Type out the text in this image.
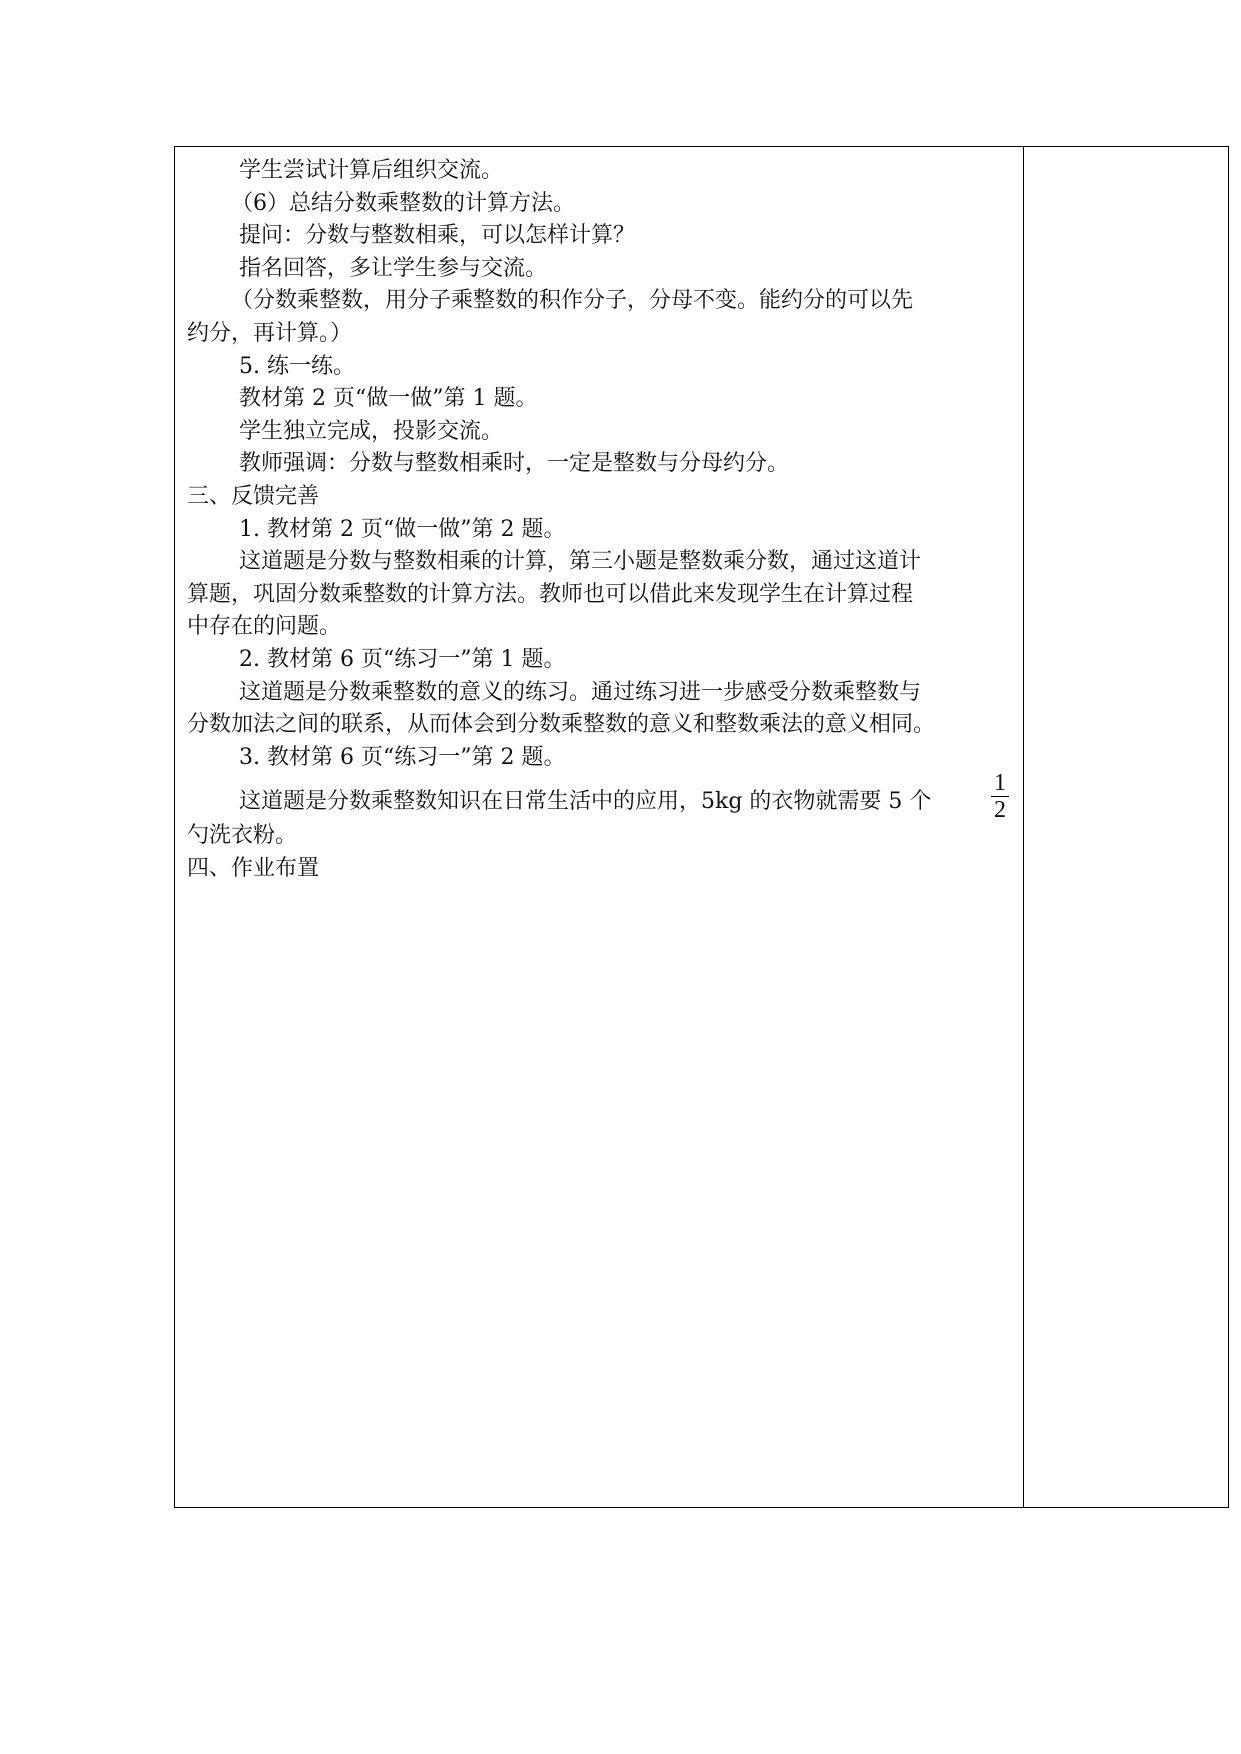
学生尝试计算后组织交流。

（6）总结分数乘整数的计算方法。

提问：分数与整数相乘，可以怎样计算？

指名回答，多让学生参与交流。

（分数乘整数，用分子乘整数的积作分子，分母不变。能约分的可以先

约分，再计算。）

5. 练一练。

教材第 2 页“做一做”第 1 题。

学生独立完成，投影交流。

教师强调：分数与整数相乘时，一定是整数与分母约分。

三、反馈完善

1. 教材第 2 页“做一做”第 2 题。

这道题是分数与整数相乘的计算，第三小题是整数乘分数，通过这道计

算题，巩固分数乘整数的计算方法。教师也可以借此来发现学生在计算过程

中存在的问题。

2. 教材第 6 页“练习一”第 1 题。

这道题是分数乘整数的意义的练习。通过练习进一步感受分数乘整数与

分数加法之间的联系，从而体会到分数乘整数的意义和整数乘法的意义相同。

3. 教材第 6 页“练习一”第 2 题。

这道题是分数乘整数知识在日常生活中的应用，5kg 的衣物就需要 5 个

1
2

勺洗衣粉。

四、作业布置
